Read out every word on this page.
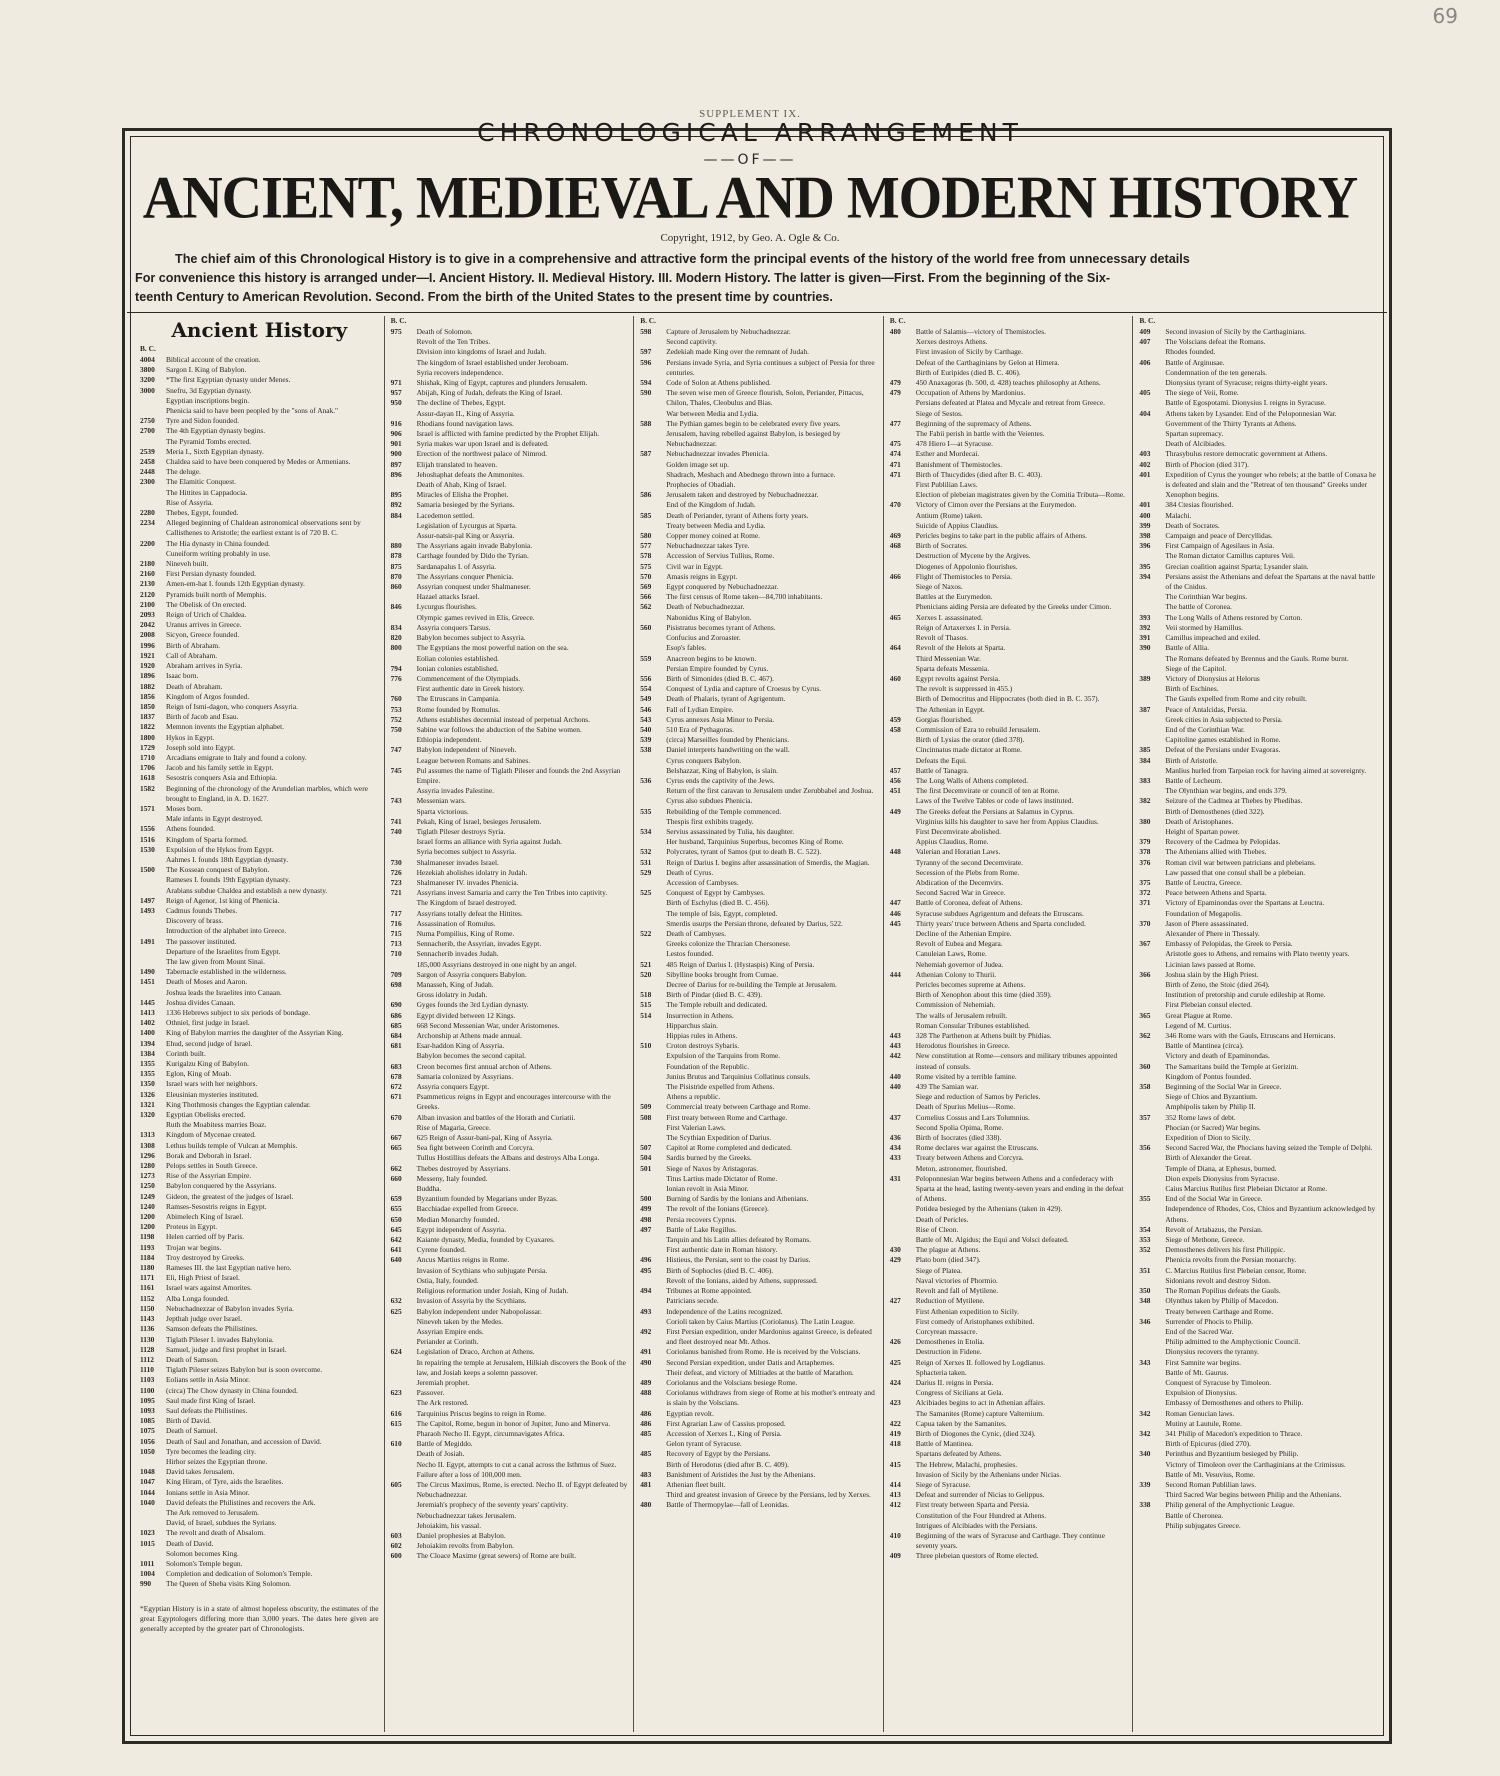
69
SUPPLEMENT IX.
CHRONOLOGICAL ARRANGEMENT
——OF——
ANCIENT, MEDIEVAL AND MODERN HISTORY
Copyright, 1912, by Geo. A. Ogle & Co.

The chief aim of this Chronological History is to give in a comprehensive and attractive form the principal events of the history of the world free from unnecessary details

For convenience this history is arranged under—I. Ancient History. II. Medieval History. III. Modern History. The latter is given—First. From the beginning of the Six-

teenth Century to American Revolution. Second. From the birth of the United States to the present time by countries.

Ancient History
B. C.
4004	Biblical account of the creation.
3800	Sargon I. King of Babylon.
3200	*The first Egyptian dynasty under Menes.
3000	Snefru, 3d Egyptian dynasty.
Egyptian inscriptions begin.
Phenicia said to have been peopled by the "sons of Anak."
2750	Tyre and Sidon founded.
2700	The 4th Egyptian dynasty begins.
The Pyramid Tombs erected.
2539	Meria I., Sixth Egyptian dynasty.
2458	Chaldea said to have been conquered by Medes or Armenians.
2448	The deluge.
2300	The Elamitic Conquest.
The Hittites in Cappadocia.
Rise of Assyria.
2280	Thebes, Egypt, founded.
2234	Alleged beginning of Chaldean astronomical observations sent by Callisthenes to Aristotle; the earliest extant is of 720 B. C.
2200	The Hia dynasty in China founded.
Cuneiform writing probably in use.
2180	Nineveh built.
2160	First Persian dynasty founded.
2130	Amen-em-hat I. founds 12th Egyptian dynasty.
2120	Pyramids built north of Memphis.
2100	The Obelisk of On erected.
2093	Reign of Urich of Chaldea.
2042	Uranus arrives in Greece.
2008	Sicyon, Greece founded.
1996	Birth of Abraham.
1921	Call of Abraham.
1920	Abraham arrives in Syria.
1896	Isaac born.
1882	Death of Abraham.
1856	Kingdom of Argos founded.
1850	Reign of Ismi-dagon, who conquers Assyria.
1837	Birth of Jacob and Esau.
1822	Memnon invents the Egyptian alphabet.
1800	Hykos in Egypt.
1729	Joseph sold into Egypt.
1710	Arcadians emigrate to Italy and found a colony.
1706	Jacob and his family settle in Egypt.
1618	Sesostris conquers Asia and Ethiopia.
1582	Beginning of the chronology of the Arundelian marbles, which were brought to England, in A. D. 1627.
1571	Moses born.
Male infants in Egypt destroyed.
1556	Athens founded.
1516	Kingdom of Sparta formed.
1530	Expulsion of the Hykos from Egypt.
Aahmes I. founds 18th Egyptian dynasty.
1500	The Kossean conquest of Babylon.
Rameses I. founds 19th Egyptian dynasty.
Arabians subdue Chaldea and establish a new dynasty.
1497	Reign of Agenor, 1st king of Phenicia.
1493	Cadmus founds Thebes.
Discovery of brass.
Introduction of the alphabet into Greece.
1491	The passover instituted.
Departure of the Israelites from Egypt.
The law given from Mount Sinai.
1490	Tabernacle established in the wilderness.
1451	Death of Moses and Aaron.
Joshua leads the Israelites into Canaan.
1445	Joshua divides Canaan.
1413	1336 Hebrews subject to six periods of bondage.
1402	Othniel, first judge in Israel.
1400	King of Babylon marries the daughter of the Assyrian King.
1394	Ehud, second judge of Israel.
1384	Corinth built.
1355	Kurigalzu King of Babylon.
1355	Eglon, King of Moab.
1350	Israel wars with her neighbors.
1326	Eleusinian mysteries instituted.
1321	King Thothmosis changes the Egyptian calendar.
1320	Egyptian Obelisks erected.
Ruth the Moabitess marries Boaz.
1313	Kingdom of Mycenae created.
1308	Lethus builds temple of Vulcan at Memphis.
1296	Borak and Deborah in Israel.
1280	Pelops settles in South Greece.
1273	Rise of the Assyrian Empire.
1250	Babylon conquered by the Assyrians.
1249	Gideon, the greatest of the judges of Israel.
1240	Ramses-Sesostris reigns in Egypt.
1200	Abimelech King of Israel.
1200	Proteus in Egypt.
1198	Helen carried off by Paris.
1193	Trojan war begins.
1184	Troy destroyed by Greeks.
1180	Rameses III. the last Egyptian native hero.
1171	Eli, High Priest of Israel.
1161	Israel wars against Amorites.
1152	Alba Longa founded.
1150	Nebuchadnezzar of Babylon invades Syria.
1143	Jepthah judge over Israel.
1136	Samson defeats the Philistines.
1130	Tiglath Pileser I. invades Babylonia.
1128	Samuel, judge and first prophet in Israel.
1112	Death of Samson.
1110	Tiglath Pileser seizes Babylon but is soon overcome.
1103	Eolians settle in Asia Minor.
1100	(circa) The Chow dynasty in China founded.
1095	Saul made first King of Israel.
1093	Saul defeats the Philistines.
1085	Birth of David.
1075	Death of Samuel.
1056	Death of Saul and Jonathan, and accession of David.
1050	Tyre becomes the leading city.
Hirhor seizes the Egyptian throne.
1048	David takes Jerusalem.
1047	King Hiram, of Tyre, aids the Israelites.
1044	Ionians settle in Asia Minor.
1040	David defeats the Philistines and recovers the Ark.
The Ark removed to Jerusalem.
David, of Israel, subdues the Syrians.
1023	The revolt and death of Absalom.
1015	Death of David.
Solomon becomes King.
1011	Solomon's Temple begun.
1004	Completion and dedication of Solomon's Temple.
990	The Queen of Sheba visits King Solomon.
*Egyptian History is in a state of almost hopeless obscurity, the estimates of the great Egyptologers differing more than 3,000 years. The dates here given are generally accepted by the greater part of Chronologists.
B. C.
975	Death of Solomon.
Revolt of the Ten Tribes.
Division into kingdoms of Israel and Judah.
The kingdom of Israel established under Jeroboam.
Syria recovers independence.
971	Shishak, King of Egypt, captures and plunders Jerusalem.
957	Abijah, King of Judah, defeats the King of Israel.
950	The decline of Thebes, Egypt.
Assur-dayan II., King of Assyria.
916	Rhodians found navigation laws.
906	Israel is afflicted with famine predicted by the Prophet Elijah.
901	Syria makes war upon Israel and is defeated.
900	Erection of the northwest palace of Nimrod.
897	Elijah translated to heaven.
896	Jehoshaphat defeats the Ammonites.
Death of Ahab, King of Israel.
895	Miracles of Elisha the Prophet.
892	Samaria besieged by the Syrians.
884	Lacedemon settled.
Legislation of Lycurgus at Sparta.
Assur-natsir-pal King or Assyria.
880	The Assyrians again invade Babylonia.
878	Carthage founded by Dido the Tyrian.
875	Sardanapalus I. of Assyria.
870	The Assyrians conquer Phenicia.
860	Assyrian conquest under Shalmaneser.
Hazael attacks Israel.
846	Lycurgus flourishes.
Olympic games revived in Elis, Greece.
834	Assyria conquers Tarsus.
820	Babylon becomes subject to Assyria.
800	The Egyptians the most powerful nation on the sea.
Eolian colonies established.
794	Ionian colonies established.
776	Commencement of the Olympiads.
First authentic date in Greek history.
760	The Etruscans in Campania.
753	Rome founded by Romulus.
752	Athens establishes decennial instead of perpetual Archons.
750	Sabine war follows the abduction of the Sabine women.
Ethiopia independent.
747	Babylon independent of Nineveh.
League between Romans and Sabines.
745	Pul assumes the name of Tiglath Pileser and founds the 2nd Assyrian Empire.
Assyria invades Palestine.
743	Messenian wars.
Sparta victorious.
741	Pekah, King of Israel, besieges Jerusalem.
740	Tiglath Pileser destroys Syria.
Israel forms an alliance with Syria against Judah.
Syria becomes subject to Assyria.
730	Shalmaneser invades Israel.
726	Hezekiah abolishes idolatry in Judah.
723	Shalmaneser IV. invades Phenicia.
721	Assyrians invest Samaria and carry the Ten Tribes into captivity.
The Kingdom of Israel destroyed.
717	Assyrians totally defeat the Hittites.
716	Assassination of Romulus.
715	Numa Pompilius, King of Rome.
713	Sennacherib, the Assyrian, invades Egypt.
710	Sennacherib invades Judah.
185,000 Assyrians destroyed in one night by an angel.
709	Sargon of Assyria conquers Babylon.
698	Manasseh, King of Judah.
Gross idolatry in Judah.
690	Gyges founds the 3rd Lydian dynasty.
686	Egypt divided between 12 Kings.
685	668 Second Messenian War, under Aristomenes.
684	Archonship at Athens made annual.
681	Esar-haddon King of Assyria.
Babylon becomes the second capital.
683	Creon becomes first annual archon of Athens.
678	Samaria colonized by Assyrians.
672	Assyria conquers Egypt.
671	Psammeticus reigns in Egypt and encourages intercourse with the Greeks.
670	Alban invasion and battles of the Horath and Curiatii.
Rise of Magaria, Greece.
667	625 Reign of Assur-bani-pal, King of Assyria.
665	Sea fight between Corinth and Corcyra.
Tullus Hostillius defeats the Albans and destroys Alba Longa.
662	Thebes destroyed by Assyrians.
660	Messeny, Italy founded.
Buddha.
659	Byzantium founded by Megarians under Byzas.
655	Bacchiadae expelled from Greece.
650	Median Monarchy founded.
645	Egypt independent of Assyria.
642	Kaiante dynasty, Media, founded by Cyaxares.
641	Cyrene founded.
640	Ancus Martius reigns in Rome.
Invasion of Scythians who subjugate Persia.
Ostia, Italy, founded.
Religious reformation under Josiah, King of Judah.
632	Invasion of Assyria by the Scythians.
625	Babylon independent under Nabopolassar.
Nineveh taken by the Medes.
Assyrian Empire ends.
Periander at Corinth.
624	Legislation of Draco, Archon at Athens.
In repairing the temple at Jerusalem, Hilkiah discovers the Book of the law, and Josiah keeps a solemn passover.
Jeremiah prophet.
623	Passover.
The Ark restored.
616	Tarquinius Priscus begins to reign in Rome.
615	The Capitol, Rome, begun in honor of Jupiter, Juno and Minerva.
Pharaoh Necho II. Egypt, circumnavigates Africa.
610	Battle of Megiddo.
Death of Josiah.
Necho II. Egypt, attempts to cut a canal across the Isthmus of Suez. Failure after a loss of 100,000 men.
605	The Circus Maximus, Rome, is erected. Necho II. of Egypt defeated by Nebuchadnezzar.
Jeremiah's prophecy of the seventy years' captivity.
Nebuchadnezzar takes Jerusalem.
Jehoiakim, his vassal.
603	Daniel prophesies at Babylon.
602	Jehoiakim revolts from Babylon.
600	The Cloace Maxime (great sewers) of Rome are built.
B. C.
598	Capture of Jerusalem by Nebuchadnezzar.
Second captivity.
597	Zedekiah made King over the remnant of Judah.
596	Persians invade Syria, and Syria continues a subject of Persia for three centuries.
594	Code of Solon at Athens published.
590	The seven wise men of Greece flourish, Solon, Periander, Pittacus, Chilon, Thales, Cleobulus and Bias.
War between Media and Lydia.
588	The Pythian games begin to be celebrated every five years.
Jerusalem, having rebelled against Babylon, is besieged by Nebuchadnezzar.
587	Nebuchadnezzar invades Phenicia.
Golden image set up.
Shadrach, Meshach and Abednego thrown into a furnace.
Prophecies of Obadiah.
586	Jerusalem taken and destroyed by Nebuchadnezzar.
End of the Kingdom of Judah.
585	Death of Periander, tyrant of Athens forty years.
Treaty between Media and Lydia.
580	Copper money coined at Rome.
577	Nebuchadnezzar takes Tyre.
578	Accession of Servius Tullius, Rome.
575	Civil war in Egypt.
570	Amasis reigns in Egypt.
569	Egypt conquered by Nebuchadnezzar.
566	The first census of Rome taken—84,700 inhabitants.
562	Death of Nebuchadnezzar.
Nabonidus King of Babylon.
560	Pisistratus becomes tyrant of Athens.
Confucius and Zoroaster.
Esop's fables.
559	Anacreon begins to be known.
Persian Empire founded by Cyrus.
556	Birth of Simonides (died B. C. 467).
554	Conquest of Lydia and capture of Croesus by Cyrus.
549	Death of Phalaris, tyrant of Agrigentum.
546	Fall of Lydian Empire.
543	Cyrus annexes Asia Minor to Persia.
540	510 Era of Pythagoras.
539	(circa) Marseilles founded by Phenicians.
538	Daniel interprets handwriting on the wall.
Cyrus conquers Babylon.
Belshazzar, King of Babylon, is slain.
536	Cyrus ends the captivity of the Jews.
Return of the first caravan to Jerusalem under Zerubbabel and Joshua.
Cyrus also subdues Phenicia.
535	Rebuilding of the Temple commenced.
Thespis first exhibits tragedy.
534	Servius assassinated by Tulia, his daughter.
Her husband, Tarquinius Superbus, becomes King of Rome.
532	Polycrates, tyrant of Samos (put to death B. C. 522).
531	Reign of Darius I. begins after assassination of Smerdis, the Magian.
529	Death of Cyrus.
Accession of Cambyses.
525	Conquest of Egypt by Cambyses.
Birth of Eschylus (died B. C. 456).
The temple of Isis, Egypt, completed.
Smerdis usurps the Persian throne, defeated by Darius, 522.
522	Death of Cambyses.
Greeks colonize the Thracian Chersonese.
Lestos founded.
521	485 Reign of Darius I. (Hystaspis) King of Persia.
520	Sibylline books brought from Cumae.
Decree of Darius for re-building the Temple at Jerusalem.
518	Birth of Pindar (died B. C. 439).
515	The Temple rebuilt and dedicated.
514	Insurrection in Athens.
Hipparchus slain.
Hippias rules in Athens.
510	Croton destroys Sybaris.
Expulsion of the Tarquins from Rome.
Foundation of the Republic.
Junius Brutus and Tarquinius Collatinus consuls.
The Pisistride expelled from Athens.
Athens a republic.
509	Commercial treaty between Carthage and Rome.
508	First treaty between Rome and Carthage.
First Valerian Laws.
The Scythian Expedition of Darius.
507	Capitol at Rome completed and dedicated.
504	Sardis burned by the Greeks.
501	Siege of Naxos by Aristagoras.
Titus Lartius made Dictator of Rome.
Ionian revolt in Asia Minor.
500	Burning of Sardis by the Ionians and Athenians.
499	The revolt of the Ionians (Greece).
498	Persia recovers Cyprus.
497	Battle of Lake Regillus.
Tarquin and his Latin allies defeated by Romans.
First authentic date in Roman history.
496	Histieus, the Persian, sent to the coast by Darius.
495	Birth of Sophocles (died B. C. 406).
Revolt of the Ionians, aided by Athens, suppressed.
494	Tribunes at Rome appointed.
Patricians secede.
493	Independence of the Latins recognized.
Corioli taken by Caius Martius (Coriolanus). The Latin League.
492	First Persian expedition, under Mardonius against Greece, is defeated and fleet destroyed near Mt. Athos.
491	Coriolanus banished from Rome. He is received by the Volscians.
490	Second Persian expedition, under Datis and Artaphernes.
Their defeat, and victory of Miltiades at the battle of Marathon.
489	Coriolanus and the Volscians besiege Rome.
488	Coriolanus withdraws from siege of Rome at his mother's entreaty and is slain by the Volscians.
486	Egyptian revolt.
486	First Agrarian Law of Cassius proposed.
485	Accession of Xerxes I., King of Persia.
Gelon tyrant of Syracuse.
485	Recovery of Egypt by the Persians.
Birth of Herodotus (died after B. C. 409).
483	Banishment of Aristides the Just by the Athenians.
481	Athenian fleet built.
Third and greatest invasion of Greece by the Persians, led by Xerxes.
480	Battle of Thermopylae—fall of Leonidas.
B. C.
480	Battle of Salamis—victory of Themistocles.
Xerxes destroys Athens.
First invasion of Sicily by Carthage.
Defeat of the Carthaginians by Gelon at Himera.
Birth of Euripides (died B. C. 406).
479	450 Anaxagoras (b. 500, d. 428) teaches philosophy at Athens.
479	Occupation of Athens by Mardonius.
Persians defeated at Platea and Mycale and retreat from Greece.
Siege of Sestos.
477	Beginning of the supremacy of Athens.
The Fabii perish in battle with the Veientes.
475	478 Hiero I—at Syracuse.
474	Esther and Mordecai.
471	Banishment of Themistocles.
471	Birth of Thucydides (died after B. C. 403).
First Publilian Laws.
Election of plebeian magistrates given by the Comitia Tributa—Rome.
470	Victory of Cimon over the Persians at the Eurymedon.
Antium (Rome) taken.
Suicide of Appius Claudius.
469	Pericles begins to take part in the public affairs of Athens.
468	Birth of Socrates.
Destruction of Mycene by the Argives.
Diogenes of Appolonio flourishes.
466	Flight of Themistocles to Persia.
Siege of Naxos.
Battles at the Eurymedon.
Phenicians aiding Persia are defeated by the Greeks under Cimon.
465	Xerxes I. assassinated.
Reign of Artaxerxes I. in Persia.
Revolt of Thasos.
464	Revolt of the Helots at Sparta.
Third Messenian War.
Sparta defeats Messenia.
460	Egypt revolts against Persia.
The revolt is suppressed in 455.)
Birth of Democritus and Hippocrates (both died in B. C. 357).
The Athenian in Egypt.
459	Gorgias flourished.
458	Commission of Ezra to rebuild Jerusalem.
Birth of Lysias the orator (died 378).
Cincinnatus made dictator at Rome.
Defeats the Equi.
457	Battle of Tanagra.
456	The Long Walls of Athens completed.
451	The first Decemvirate or council of ten at Rome.
Laws of the Twelve Tables or code of laws instituted.
449	The Greeks defeat the Persians at Salamus in Cyprus.
Virginius kills his daughter to save her from Appius Claudius.
First Decemvirate abolished.
Appius Claudius, Rome.
448	Valerian and Horatian Laws.
Tyranny of the second Decemvirate.
Secession of the Plebs from Rome.
Abdication of the Decemvirs.
Second Sacred War in Greece.
447	Battle of Coronea, defeat of Athens.
446	Syracuse subdues Agrigentum and defeats the Etruscans.
445	Thirty years' truce between Athens and Sparta concluded.
Decline of the Athenian Empire.
Revolt of Eubea and Megara.
Canuleian Laws, Rome.
Nehemiah governor of Judea.
444	Athenian Colony to Thurii.
Pericles becomes supreme at Athens.
Birth of Xenophon about this time (died 359).
Commission of Nehemiah.
The walls of Jerusalem rebuilt.
Roman Consular Tribunes established.
443	328 The Parthenon at Athens built by Phidias.
443	Herodotus flourishes in Greece.
442	New constitution at Rome—censors and military tribunes appointed instead of consuls.
440	Rome visited by a terrible famine.
440	439 The Samian war.
Siege and reduction of Samos by Pericles.
Death of Spurius Melius—Rome.
437	Cornelius Cossus and Lars Tolumnius.
Second Spolia Opima, Rome.
436	Birth of Isocrates (died 338).
434	Rome declares war against the Etruscans.
433	Treaty between Athens and Corcyra.
Meton, astronomer, flourished.
431	Peloponnesian War begins between Athens and a confederacy with Sparta at the head, lasting twenty-seven years and ending in the defeat of Athens.
Potidea besieged by the Athenians (taken in 429).
Death of Pericles.
Rise of Cleon.
Battle of Mt. Algidus; the Equi and Volsci defeated.
430	The plague at Athens.
429	Plato born (died 347).
Siege of Platea.
Naval victories of Phormio.
Revolt and fall of Mytilene.
427	Reduction of Mytilene.
First Athenian expedition to Sicily.
First comedy of Aristophanes exhibited.
Corcyrean massacre.
426	Demosthenes in Etolia.
Destruction in Fidene.
425	Reign of Xerxes II. followed by Logdianus.
Sphacteria taken.
424	Darius II. reigns in Persia.
Congress of Sicilians at Gela.
423	Alcibiades begins to act in Athenian affairs.
The Samanites (Rome) capture Valternium.
422	Capua taken by the Samanites.
419	Birth of Diogones the Cynic, (died 324).
418	Battle of Mantinea.
Spartans defeated by Athens.
415	The Hebrew, Malachi, prophesies.
Invasion of Sicily by the Athenians under Nicias.
414	Siege of Syracuse.
413	Defeat and surrender of Nicias to Gelippus.
412	First treaty between Sparta and Persia.
Constitution of the Four Hundred at Athens.
Intrigues of Alcibiades with the Persians.
410	Beginning of the wars of Syracuse and Carthage. They continue seventy years.
409	Three plebeian questors of Rome elected.
B. C.
409	Second invasion of Sicily by the Carthaginians.
407	The Volscians defeat the Romans.
Rhodes founded.
406	Battle of Arginusae.
Condemnation of the ten generals.
Dionysius tyrant of Syracuse; reigns thirty-eight years.
405	The siege of Veii, Rome.
Battle of Egospotami. Dionysius I. reigns in Syracuse.
404	Athens taken by Lysander. End of the Peloponnesian War.
Government of the Thirty Tyrants at Athens.
Spartan supremacy.
Death of Alcibiades.
403	Thrasybulus restore democratic government at Athens.
402	Birth of Phocion (died 317).
401	Expedition of Cyrus the younger who rebels; at the battle of Conaxa he is defeated and slain and the "Retreat of ten thousand" Greeks under Xenophon begins.
401	384 Ctesias flourished.
400	Malachi.
399	Death of Socrates.
398	Campaign and peace of Dercyllidas.
396	First Campaign of Agesilaus in Asia.
The Roman dictator Camillus captures Veii.
395	Grecian coalition against Sparta; Lysander slain.
394	Persians assist the Athenians and defeat the Spartans at the naval battle of the Cnidus.
The Corinthian War begins.
The battle of Coronea.
393	The Long Walls of Athens restored by Corton.
392	Veii stormed by Hamillus.
391	Camillus impeached and exiled.
390	Battle of Allia.
The Romans defeated by Brennus and the Gauls. Rome burnt.
Siege of the Capitol.
389	Victory of Dionysius at Helorus
Birth of Eschines.
The Gauls expelled from Rome and city rebuilt.
387	Peace of Antalcidas, Persia.
Greek cities in Asia subjected to Persia.
End of the Corinthian War.
Capitoline games established in Rome.
385	Defeat of the Persians under Evagoras.
384	Birth of Aristotle.
Manlius hurled from Tarpeian rock for having aimed at sovereignty.
383	Battle of Lecheum.
The Olynthian war begins, and ends 379.
382	Seizure of the Cadmea at Thebes by Phedibas.
Birth of Demosthenes (died 322).
380	Death of Aristophanes.
Height of Spartan power.
379	Recovery of the Cadmea by Pelopidas.
378	The Athenians allied with Thebes.
376	Roman civil war between patricians and plebeians.
Law passed that one consul shall be a plebeian.
375	Battle of Leuctra, Greece.
372	Peace between Athens and Sparta.
371	Victory of Epaminondas over the Spartans at Leuctra.
Foundation of Megapolis.
370	Jason of Phere assassinated.
Alexander of Phere in Thessaly.
367	Embassy of Pelopidas, the Greek to Persia.
Aristotle goes to Athens, and remains with Plato twenty years.
Licinian laws passed at Rome.
366	Joshua slain by the High Priest.
Birth of Zeno, the Stoic (died 264).
Institution of pretorship and curule edileship at Rome.
First Plebeian consul elected.
365	Great Plague at Rome.
Legend of M. Curtius.
362	346 Rome wars with the Gauls, Etruscans and Hernicans.
Battle of Mantinea (circa).
Victory and death of Epaminondas.
360	The Samaritans build the Temple at Gerizim.
Kingdom of Pontus founded.
358	Beginning of the Social War in Greece.
Siege of Chios and Byzantium.
Amphipolis taken by Philip II.
357	352 Rome laws of debt.
Phocian (or Sacred) War begins.
Expedition of Dion to Sicily.
356	Second Sacred War, the Phocians having seized the Temple of Delphi.
Birth of Alexander the Great.
Temple of Diana, at Ephesus, burned.
Dion expels Dionysius from Syracuse.
Caius Marcius Rutilus first Plebeian Dictator at Rome.
355	End of the Social War in Greece.
Independence of Rhodes, Cos, Chios and Byzantium acknowledged by Athens.
354	Revolt of Artabazus, the Persian.
353	Siege of Methone, Greece.
352	Demosthenes delivers his first Philippic.
Phenicia revolts from the Persian monarchy.
351	C. Marcius Rutilus first Plebeian censor, Rome.
Sidonians revolt and destroy Sidon.
350	The Roman Popilius defeats the Gauls.
348	Olynthus taken by Philip of Macedon.
Treaty between Carthage and Rome.
346	Surrender of Phocis to Philip.
End of the Sacred War.
Philip admitted to the Amphyctionic Council.
Dionysius recovers the tyranny.
343	First Samnite war begins.
Battle of Mt. Gaurus.
Conquest of Syracuse by Timoleon.
Expulsion of Dionysius.
Embassy of Demosthenes and others to Philip.
342	Roman Genucian laws.
Mutiny at Lautule, Rome.
342	341 Philip of Macedon's expedition to Thrace.
Birth of Epicurus (died 270).
340	Perinthus and Byzantium besieged by Philip.
Victory of Timoleon over the Carthaginians at the Crimissus.
Battle of Mt. Vesuvius, Rome.
339	Second Roman Publilian laws.
Third Sacred War begins between Philip and the Athenians.
338	Philip general of the Amphyctionic League.
Battle of Cheronea.
Philip subjugates Greece.
